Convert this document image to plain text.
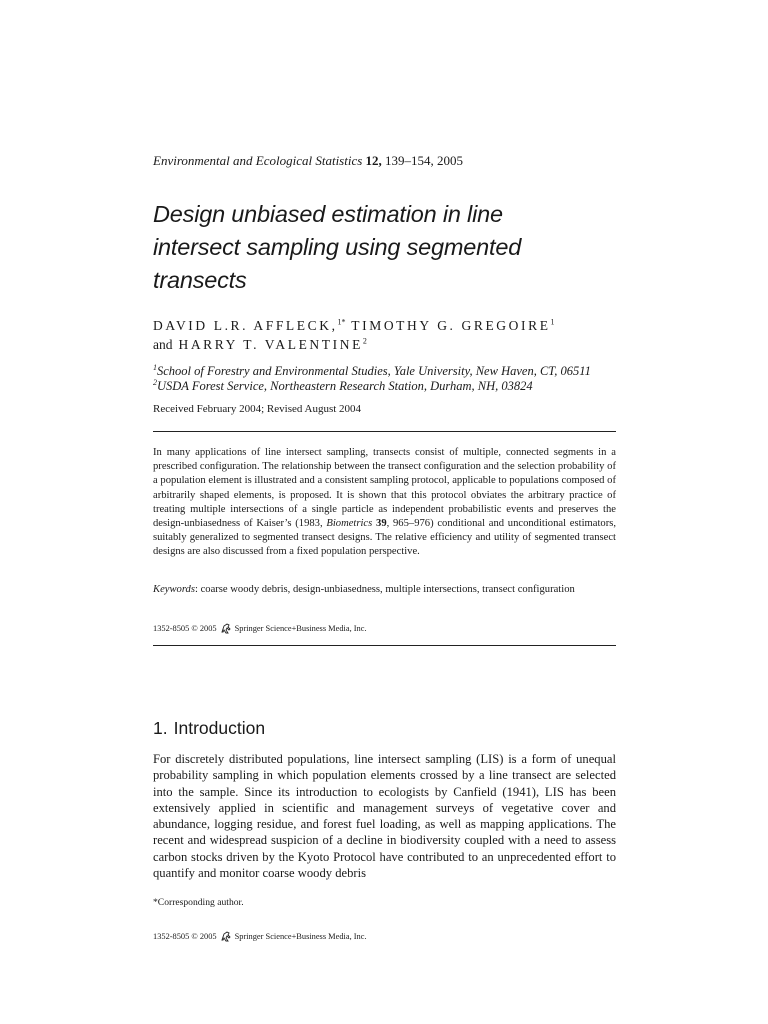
Environmental and Ecological Statistics 12, 139–154, 2005
Design unbiased estimation in line
intersect sampling using segmented
transects
DAVID L.R. AFFLECK,$^{1*}$ TIMOTHY G. GREGOIRE$^1$
and HARRY T. VALENTINE$^2$
$^1$School of Forestry and Environmental Studies, Yale University, New Haven, CT, 06511
$^2$USDA Forest Service, Northeastern Research Station, Durham, NH, 03824
Received February 2004; Revised August 2004
In many applications of line intersect sampling, transects consist of multiple, connected segments in a prescribed configuration. The relationship between the transect configuration and the selection probability of a population element is illustrated and a consistent sampling protocol, applicable to populations composed of arbitrarily shaped elements, is proposed. It is shown that this protocol obviates the arbitrary practice of treating multiple intersections of a single particle as independent probabilistic events and preserves the design-unbiasedness of Kaiser’s (1983, Biometrics 39, 965–976) conditional and unconditional estimators, suitably generalized to segmented transect designs. The relative efficiency and utility of segmented transect designs are also discussed from a fixed population perspective.
Keywords: coarse woody debris, design-unbiasedness, multiple intersections, transect configuration
1352-8505 © 2005 Springer Science+Business Media, Inc.
1. Introduction
For discretely distributed populations, line intersect sampling (LIS) is a form of unequal probability sampling in which population elements crossed by a line transect are selected into the sample. Since its introduction to ecologists by Canfield (1941), LIS has been extensively applied in scientific and management surveys of vegetative cover and abundance, logging residue, and forest fuel loading, as well as mapping applications. The recent and widespread suspicion of a decline in biodiversity coupled with a need to assess carbon stocks driven by the Kyoto Protocol have contributed to an unprecedented effort to quantify and monitor coarse woody debris
*Corresponding author.
1352-8505 © 2005 Springer Science+Business Media, Inc.
